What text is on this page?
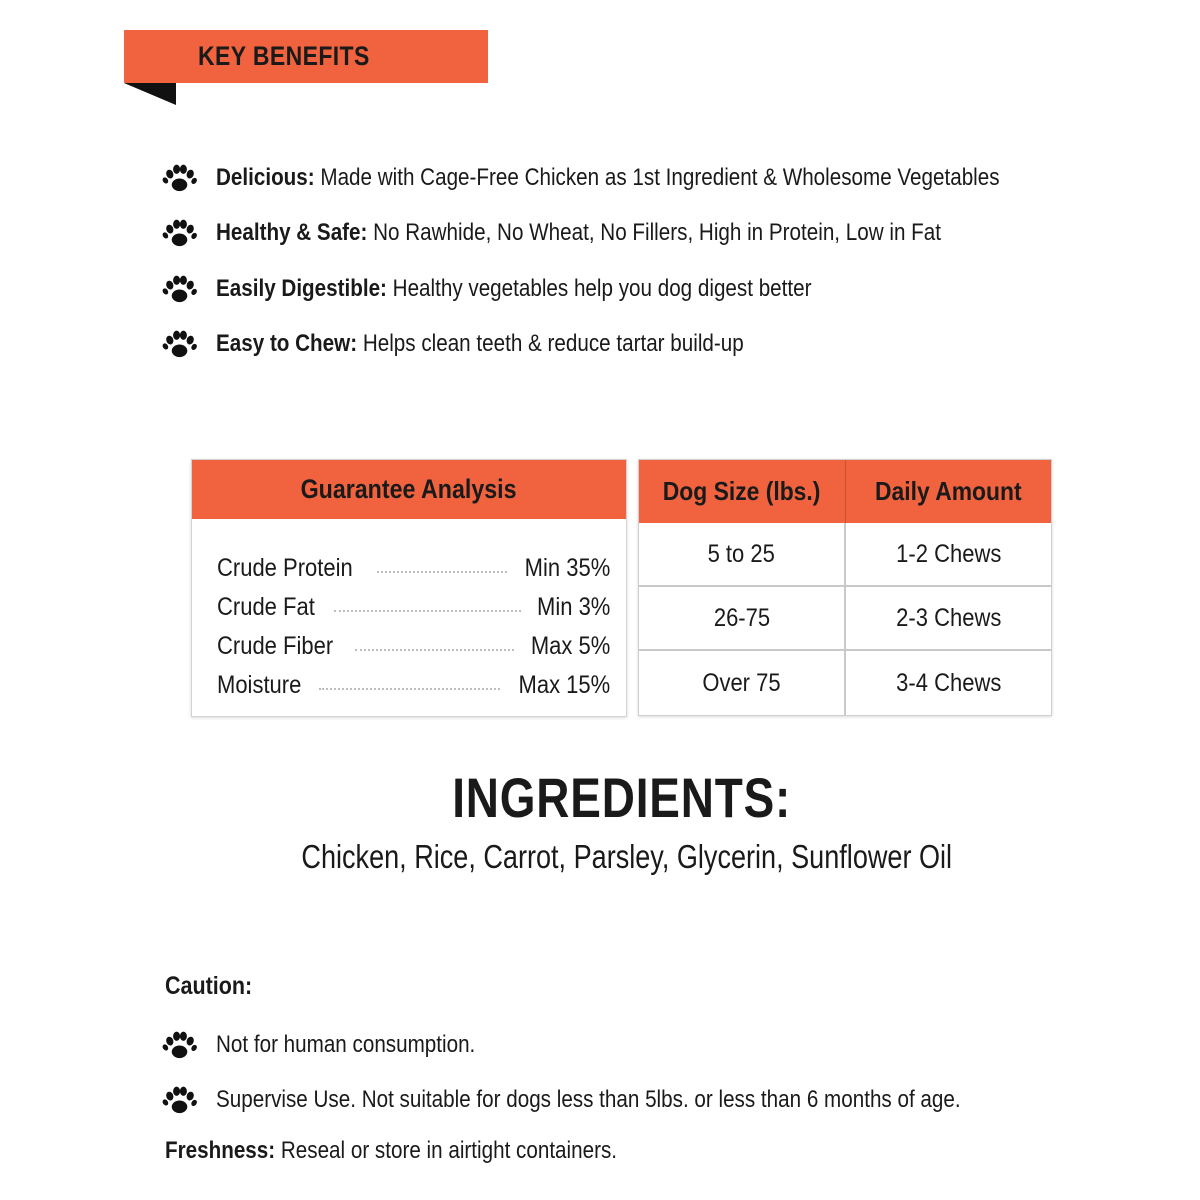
KEY BENEFITS
Delicious: Made with Cage-Free Chicken as 1st Ingredient & Wholesome Vegetables
Healthy & Safe: No Rawhide, No Wheat, No Fillers, High in Protein, Low in Fat
Easily Digestible: Healthy vegetables help you dog digest better
Easy to Chew: Helps clean teeth & reduce tartar build-up
Guarantee Analysis
Crude Protein	Min 35%
Crude Fat	Min 3%
Crude Fiber	Max 5%
Moisture	Max 15%
Dog Size (lbs.)	Daily Amount
5 to 25	1-2 Chews
26-75	2-3 Chews
Over 75	3-4 Chews
INGREDIENTS:
Chicken, Rice, Carrot, Parsley, Glycerin, Sunflower Oil
Caution:
Not for human consumption.
Supervise Use. Not suitable for dogs less than 5lbs. or less than 6 months of age.
Freshness: Reseal or store in airtight containers.
